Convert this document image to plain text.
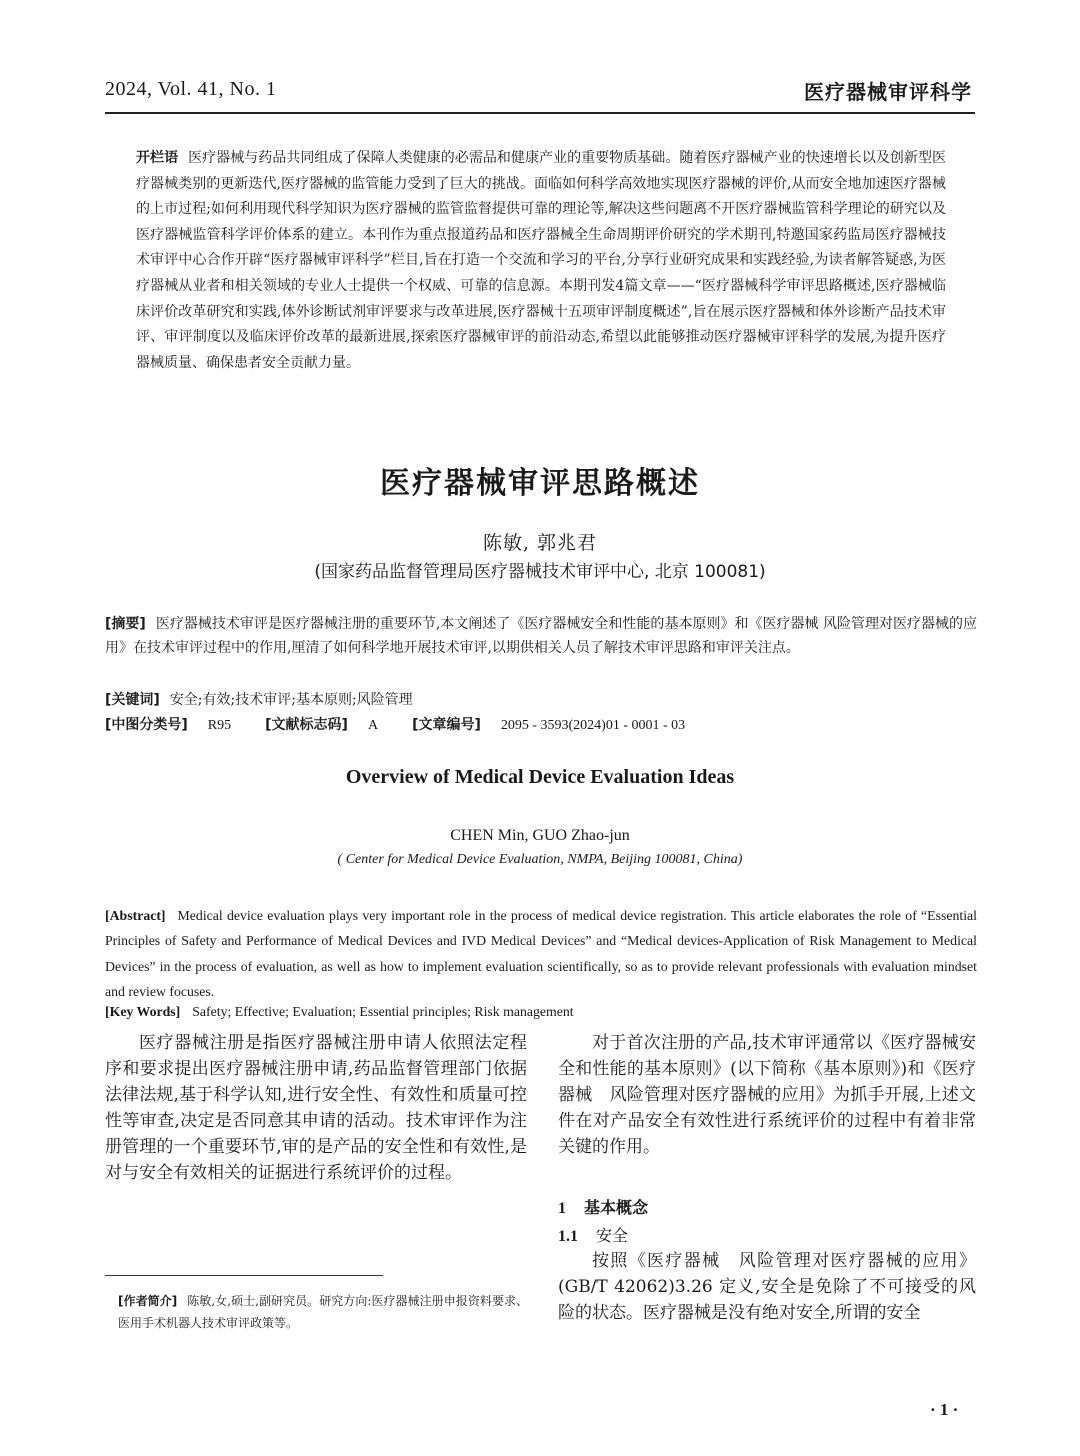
2024, Vol. 41, No. 1	医疗器械审评科学
开栏语 医疗器械与药品共同组成了保障人类健康的必需品和健康产业的重要物质基础。随着医疗器械产业的快速增长以及创新型医疗器械类别的更新迭代,医疗器械的监管能力受到了巨大的挑战。面临如何科学高效地实现医疗器械的评价,从而安全地加速医疗器械的上市过程;如何利用现代科学知识为医疗器械的监管监督提供可靠的理论等,解决这些问题离不开医疗器械监管科学理论的研究以及医疗器械监管科学评价体系的建立。本刊作为重点报道药品和医疗器械全生命周期评价研究的学术期刊,特邀国家药监局医疗器械技术审评中心合作开辟“医疗器械审评科学”栏目,旨在打造一个交流和学习的平台,分享行业研究成果和实践经验,为读者解答疑惑,为医疗器械从业者和相关领域的专业人士提供一个权威、可靠的信息源。本期刊发4篇文章——“医疗器械科学审评思路概述,医疗器械临床评价改革研究和实践,体外诊断试剂审评要求与改革进展,医疗器械十五项审评制度概述”,旨在展示医疗器械和体外诊断产品技术审评、审评制度以及临床评价改革的最新进展,探索医疗器械审评的前沿动态,希望以此能够推动医疗器械审评科学的发展,为提升医疗器械质量、确保患者安全贡献力量。
医疗器械审评思路概述
陈敏, 郭兆君
(国家药品监督管理局医疗器械技术审评中心, 北京 100081)
[摘要] 医疗器械技术审评是医疗器械注册的重要环节,本文阐述了《医疗器械安全和性能的基本原则》和《医疗器械 风险管理对医疗器械的应用》在技术审评过程中的作用,厘清了如何科学地开展技术审评,以期供相关人员了解技术审评思路和审评关注点。
[关键词] 安全;有效;技术审评;基本原则;风险管理
[中图分类号] R95 [文献标志码] A [文章编号] 2095 - 3593(2024)01 - 0001 - 03
Overview of Medical Device Evaluation Ideas
CHEN Min, GUO Zhao-jun
( Center for Medical Device Evaluation, NMPA, Beijing 100081, China)
[Abstract] Medical device evaluation plays very important role in the process of medical device registration. This article elaborates the role of “Essential Principles of Safety and Performance of Medical Devices and IVD Medical Devices” and “Medical devices-Application of Risk Management to Medical Devices” in the process of evaluation, as well as how to implement evaluation scientifically, so as to provide relevant professionals with evaluation mindset and review focuses.
[Key Words] Safety; Effective; Evaluation; Essential principles; Risk management
医疗器械注册是指医疗器械注册申请人依照法定程序和要求提出医疗器械注册申请,药品监督管理部门依据法律法规,基于科学认知,进行安全性、有效性和质量可控性等审查,决定是否同意其申请的活动。技术审评作为注册管理的一个重要环节,审的是产品的安全性和有效性,是对与安全有效相关的证据进行系统评价的过程。
对于首次注册的产品,技术审评通常以《医疗器械安全和性能的基本原则》(以下简称《基本原则》)和《医疗器械　风险管理对医疗器械的应用》为抓手开展,上述文件在对产品安全有效性进行系统评价的过程中有着非常关键的作用。
1 基本概念
1.1 安全
按照《医疗器械　风险管理对医疗器械的应用》(GB/T 42062)3.26 定义,安全是免除了不可接受的风险的状态。医疗器械是没有绝对安全,所谓的安全
[作者简介] 陈敏,女,硕士,副研究员。研究方向:医疗器械注册申报资料要求、医用手术机器人技术审评政策等。
· 1 ·
